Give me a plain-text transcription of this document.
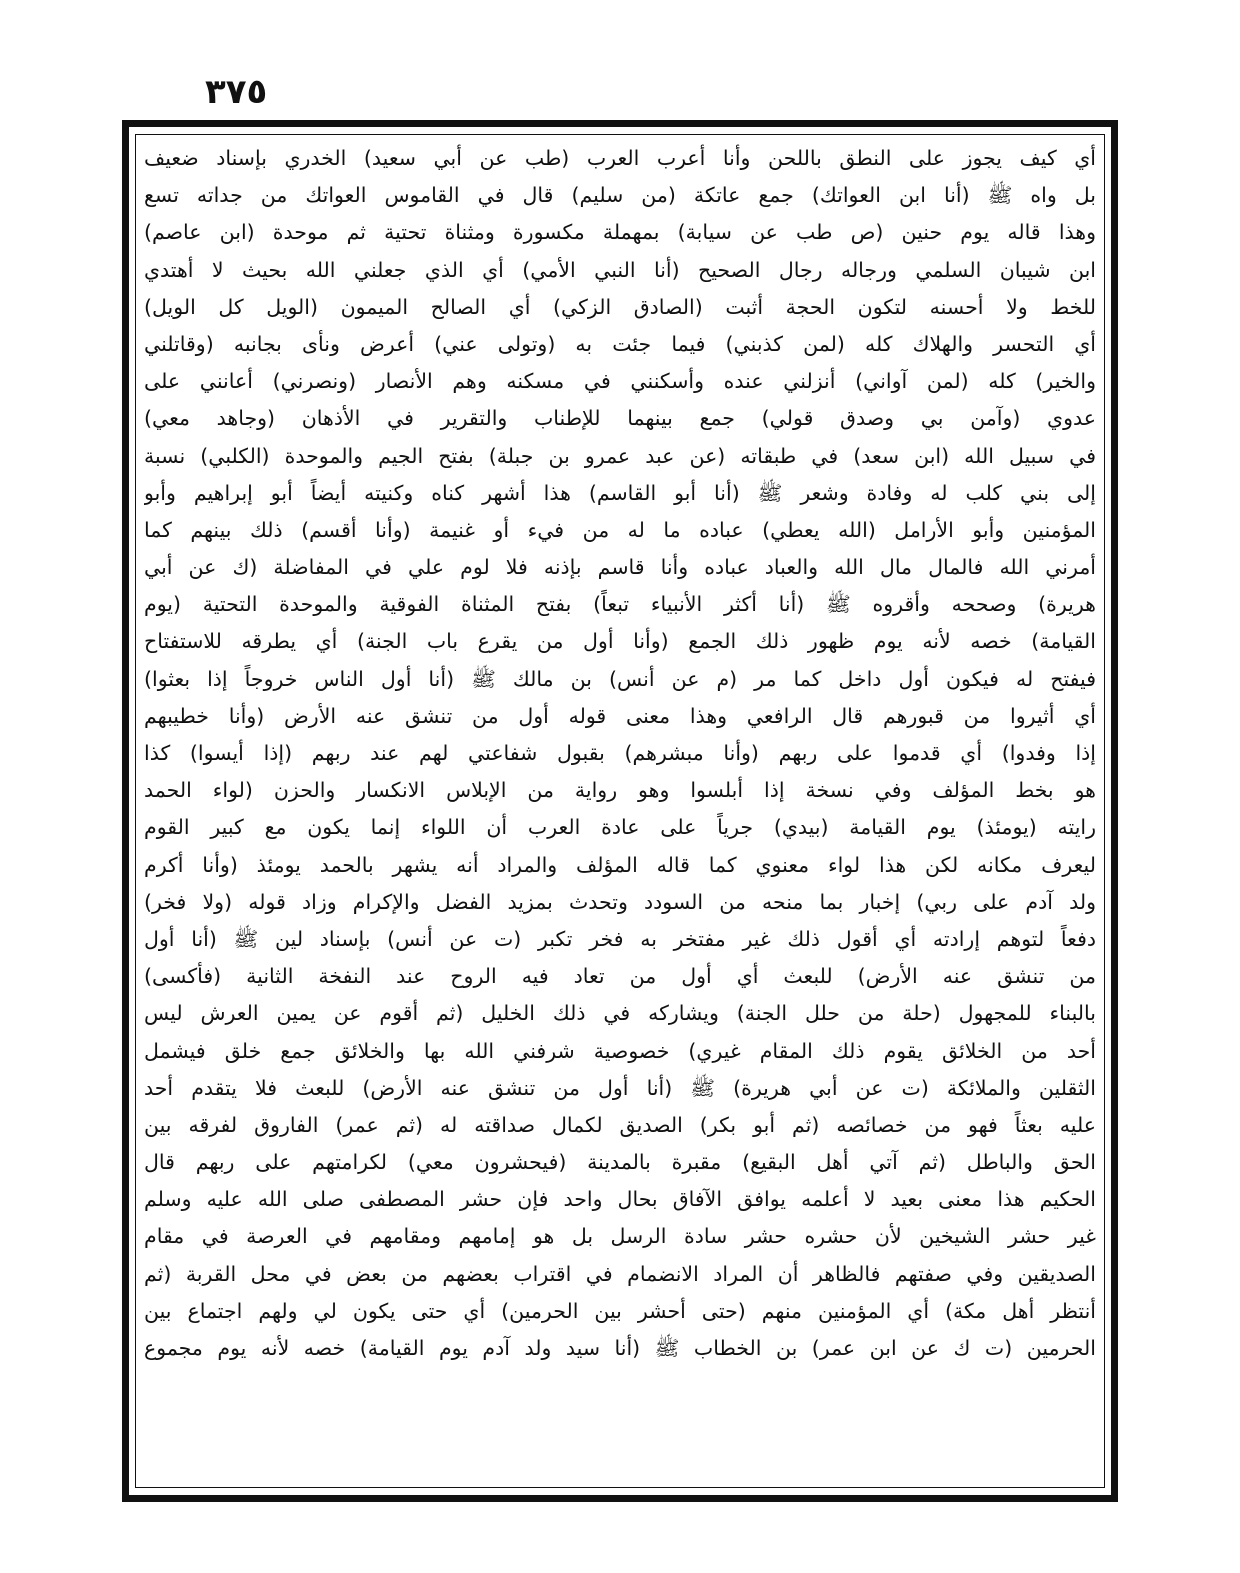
٣٧٥
أي كيف يجوز على النطق باللحن وأنا أعرب العرب (طب عن أبي سعيد) الخدري بإسناد ضعيف
بل واه ﷺ (أنا ابن العواتك) جمع عاتكة (من سليم) قال في القاموس العواتك من جداته تسع
وهذا قاله يوم حنين (ص طب عن سيابة) بمهملة مكسورة ومثناة تحتية ثم موحدة (ابن عاصم)
ابن شيبان السلمي ورجاله رجال الصحيح (أنا النبي الأمي) أي الذي جعلني الله بحيث لا أهتدي
للخط ولا أحسنه لتكون الحجة أثبت (الصادق الزكي) أي الصالح الميمون (الويل كل الويل)
أي التحسر والهلاك كله (لمن كذبني) فيما جئت به (وتولى عني) أعرض ونأى بجانبه (وقاتلني
والخير) كله (لمن آواني) أنزلني عنده وأسكنني في مسكنه وهم الأنصار (ونصرني) أعانني على
عدوي (وآمن بي وصدق قولي) جمع بينهما للإطناب والتقرير في الأذهان (وجاهد معي)
في سبيل الله (ابن سعد) في طبقاته (عن عبد عمرو بن جبلة) بفتح الجيم والموحدة (الكلبي) نسبة
إلى بني كلب له وفادة وشعر ﷺ (أنا أبو القاسم) هذا أشهر كناه وكنيته أيضاً أبو إبراهيم وأبو
المؤمنين وأبو الأرامل (الله يعطي) عباده ما له من فيء أو غنيمة (وأنا أقسم) ذلك بينهم كما
أمرني الله فالمال مال الله والعباد عباده وأنا قاسم بإذنه فلا لوم علي في المفاضلة (ك عن أبي
هريرة) وصححه وأقروه ﷺ (أنا أكثر الأنبياء تبعاً) بفتح المثناة الفوقية والموحدة التحتية (يوم
القيامة) خصه لأنه يوم ظهور ذلك الجمع (وأنا أول من يقرع باب الجنة) أي يطرقه للاستفتاح
فيفتح له فيكون أول داخل كما مر (م عن أنس) بن مالك ﷺ (أنا أول الناس خروجاً إذا بعثوا)
أي أثيروا من قبورهم قال الرافعي وهذا معنى قوله أول من تنشق عنه الأرض (وأنا خطيبهم
إذا وفدوا) أي قدموا على ربهم (وأنا مبشرهم) بقبول شفاعتي لهم عند ربهم (إذا أيسوا) كذا
هو بخط المؤلف وفي نسخة إذا أبلسوا وهو رواية من الإبلاس الانكسار والحزن (لواء الحمد
رايته (يومئذ) يوم القيامة (بيدي) جرياً على عادة العرب أن اللواء إنما يكون مع كبير القوم
ليعرف مكانه لكن هذا لواء معنوي كما قاله المؤلف والمراد أنه يشهر بالحمد يومئذ (وأنا أكرم
ولد آدم على ربي) إخبار بما منحه من السودد وتحدث بمزيد الفضل والإكرام وزاد قوله (ولا فخر)
دفعاً لتوهم إرادته أي أقول ذلك غير مفتخر به فخر تكبر (ت عن أنس) بإسناد لين ﷺ (أنا أول
من تنشق عنه الأرض) للبعث أي أول من تعاد فيه الروح عند النفخة الثانية (فأكسى)
بالبناء للمجهول (حلة من حلل الجنة) ويشاركه في ذلك الخليل (ثم أقوم عن يمين العرش ليس
أحد من الخلائق يقوم ذلك المقام غيري) خصوصية شرفني الله بها والخلائق جمع خلق فيشمل
الثقلين والملائكة (ت عن أبي هريرة) ﷺ (أنا أول من تنشق عنه الأرض) للبعث فلا يتقدم أحد
عليه بعثاً فهو من خصائصه (ثم أبو بكر) الصديق لكمال صداقته له (ثم عمر) الفاروق لفرقه بين
الحق والباطل (ثم آتي أهل البقيع) مقبرة بالمدينة (فيحشرون معي) لكرامتهم على ربهم قال
الحكيم هذا معنى بعيد لا أعلمه يوافق الآفاق بحال واحد فإن حشر المصطفى صلى الله عليه وسلم
غير حشر الشيخين لأن حشره حشر سادة الرسل بل هو إمامهم ومقامهم في العرصة في مقام
الصديقين وفي صفتهم فالظاهر أن المراد الانضمام في اقتراب بعضهم من بعض في محل القربة (ثم
أنتظر أهل مكة) أي المؤمنين منهم (حتى أحشر بين الحرمين) أي حتى يكون لي ولهم اجتماع بين
الحرمين (ت ك عن ابن عمر) بن الخطاب ﷺ (أنا سيد ولد آدم يوم القيامة) خصه لأنه يوم مجموع
